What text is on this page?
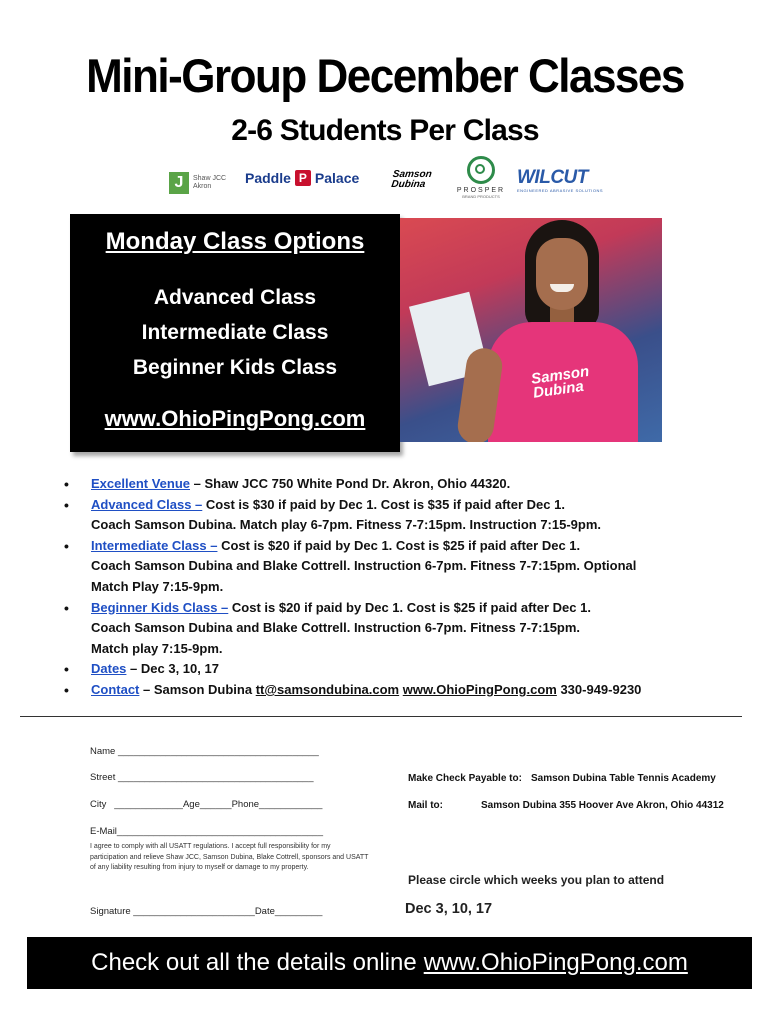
Mini-Group December Classes
2-6 Students Per Class
J	Shaw JCC Akron
Paddle P Palace	Samson Dubina
PROSPER
BRAND PRODUCTS
WILCUT
ENGINEERED ABRASIVE SOLUTIONS
Monday Class Options
Advanced Class
Intermediate Class
Beginner Kids Class
www.OhioPingPong.com
Samson Dubina
• Excellent Venue – Shaw JCC 750 White Pond Dr. Akron, Ohio 44320.
• Advanced Class – Cost is $30 if paid by Dec 1. Cost is $35 if paid after Dec 1.
Coach Samson Dubina. Match play 6-7pm. Fitness 7-7:15pm. Instruction 7:15-9pm.
• Intermediate Class – Cost is $20 if paid by Dec 1. Cost is $25 if paid after Dec 1.
Coach Samson Dubina and Blake Cottrell. Instruction 6-7pm. Fitness 7-7:15pm. Optional
Match Play 7:15-9pm.
• Beginner Kids Class – Cost is $20 if paid by Dec 1. Cost is $25 if paid after Dec 1.
Coach Samson Dubina and Blake Cottrell. Instruction 6-7pm. Fitness 7-7:15pm.
Match play 7:15-9pm.
• Dates – Dec 3, 10, 17
• Contact – Samson Dubina tt@samsondubina.com www.OhioPingPong.com 330-949-9230
Name ______________________________________
Street _____________________________________
City   _____________Age______Phone____________
E-Mail_______________________________________
I agree to comply with all USATT regulations. I accept full responsibility for my participation and relieve Shaw JCC, Samson Dubina, Blake Cottrell, sponsors and USATT of any liability resulting from injury to myself or damage to my property.
Signature _______________________Date_________
Make Check Payable to: Samson Dubina Table Tennis Academy
Mail to:	Samson Dubina 355 Hoover Ave Akron, Ohio 44312
Please circle which weeks you plan to attend
Dec 3, 10, 17
Check out all the details online www.OhioPingPong.com
